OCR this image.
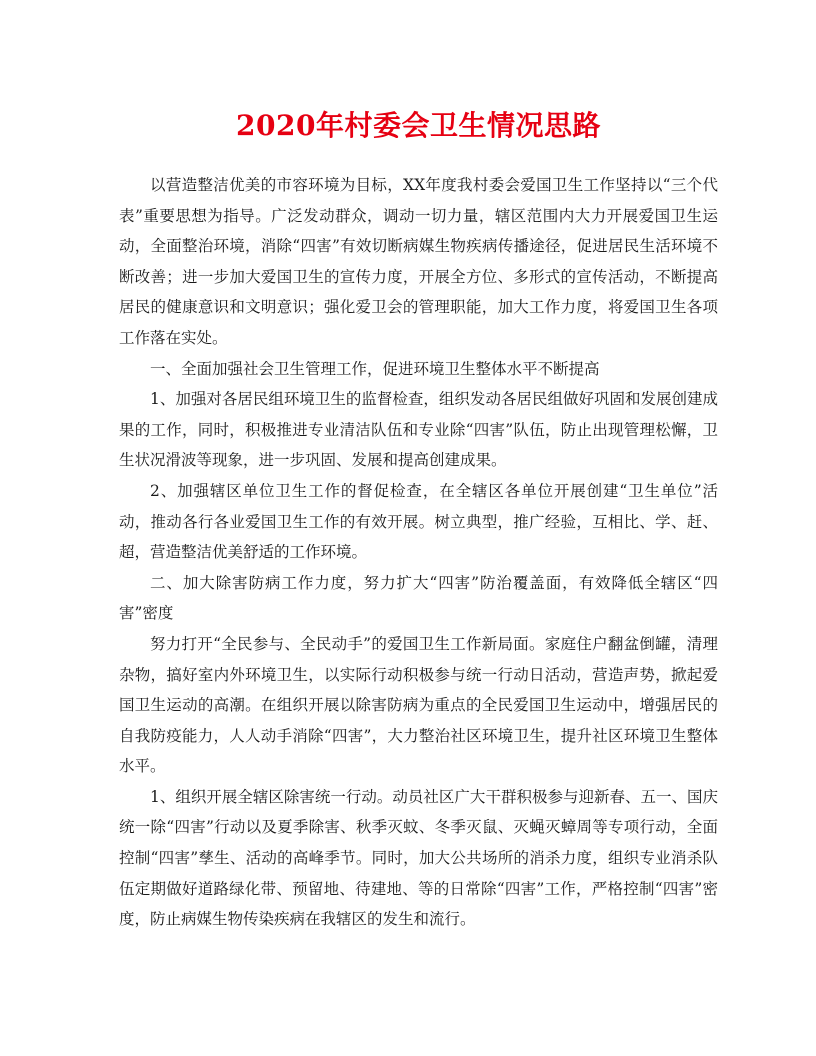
2020年村委会卫生情况思路

以营造整洁优美的市容环境为目标，XX年度我村委会爱国卫生工作坚持以“三个代表”重要思想为指导。广泛发动群众，调动一切力量，辖区范围内大力开展爱国卫生运动，全面整治环境，消除“四害”有效切断病媒生物疾病传播途径，促进居民生活环境不断改善；进一步加大爱国卫生的宣传力度，开展全方位、多形式的宣传活动，不断提高居民的健康意识和文明意识；强化爱卫会的管理职能，加大工作力度，将爱国卫生各项工作落在实处。

一、全面加强社会卫生管理工作，促进环境卫生整体水平不断提高

1、加强对各居民组环境卫生的监督检查，组织发动各居民组做好巩固和发展创建成果的工作，同时，积极推进专业清洁队伍和专业除“四害”队伍，防止出现管理松懈，卫生状况滑波等现象，进一步巩固、发展和提高创建成果。

2、加强辖区单位卫生工作的督促检查，在全辖区各单位开展创建“卫生单位”活动，推动各行各业爱国卫生工作的有效开展。树立典型，推广经验，互相比、学、赶、超，营造整洁优美舒适的工作环境。

二、加大除害防病工作力度，努力扩大“四害”防治覆盖面，有效降低全辖区“四害”密度

努力打开“全民参与、全民动手”的爱国卫生工作新局面。家庭住户翻盆倒罐，清理杂物，搞好室内外环境卫生，以实际行动积极参与统一行动日活动，营造声势，掀起爱国卫生运动的高潮。在组织开展以除害防病为重点的全民爱国卫生运动中，增强居民的自我防疫能力，人人动手消除“四害”，大力整治社区环境卫生，提升社区环境卫生整体水平。

1、组织开展全辖区除害统一行动。动员社区广大干群积极参与迎新春、五一、国庆统一除“四害”行动以及夏季除害、秋季灭蚊、冬季灭鼠、灭蝇灭蟑周等专项行动，全面控制“四害”孳生、活动的高峰季节。同时，加大公共场所的消杀力度，组织专业消杀队伍定期做好道路绿化带、预留地、待建地、等的日常除“四害”工作，严格控制“四害”密度，防止病媒生物传染疾病在我辖区的发生和流行。
